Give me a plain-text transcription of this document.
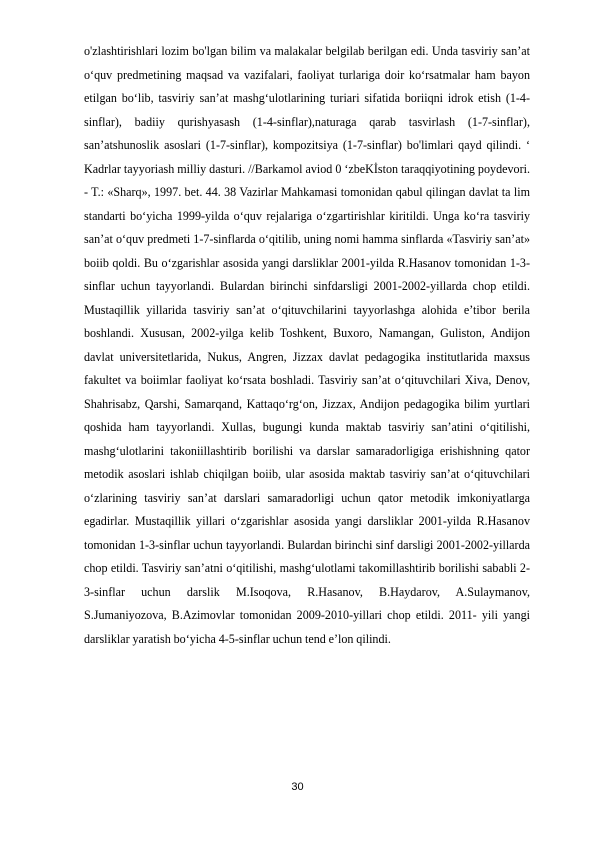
o'zlashtirishlari lozim bo'lgan bilim va malakalar belgilab berilgan edi. Unda tasviriy san’at o‘quv predmetining maqsad va vazifalari, faoliyat turlariga doir ko‘rsatmalar ham bayon etilgan bo‘lib, tasviriy san’at mashg‘ulotlarining turiari sifatida boriiqni idrok etish (1-4-sinflar), badiiy qurishyasash (1-4-sinflar),naturaga qarab tasvirlash (1-7-sinflar), san’atshunoslik asoslari (1-7-sinflar), kompozitsiya (1-7-sinflar) bo'limlari qayd qilindi. ‘ Kadrlar tayyoriash milliy dasturi. //Barkamol aviod 0 ‘zbeKİston taraqqiyotining poydevori. - T.: «Sharq», 1997. bet. 44. 38 Vazirlar Mahkamasi tomonidan qabul qilingan davlat ta lim standarti bo‘yicha 1999-yilda o‘quv rejalariga o‘zgartirishlar kiritildi. Unga ko‘ra tasviriy san’at o‘quv predmeti 1-7-sinflarda o‘qitilib, uning nomi hamma sinflarda «Tasviriy san’at» boiib qoldi. Bu o‘zgarishlar asosida yangi darsliklar 2001-yilda R.Hasanov tomonidan 1-3-sinflar uchun tayyorlandi. Bulardan birinchi sinfdarsligi 2001-2002-yillarda chop etildi. Mustaqillik yillarida tasviriy san’at o‘qituvchilarini tayyorlashga alohida e’tibor berila boshlandi. Xususan, 2002-yilga kelib Toshkent, Buxoro, Namangan, Guliston, Andijon davlat universitetlarida, Nukus, Angren, Jizzax davlat pedagogika institutlarida maxsus fakultet va boiimlar faoliyat ko‘rsata boshladi. Tasviriy san’at o‘qituvchilari Xiva, Denov, Shahrisabz, Qarshi, Samarqand, Kattaqo‘rg‘on, Jizzax, Andijon pedagogika bilim yurtlari qoshida ham tayyorlandi. Xullas, bugungi kunda maktab tasviriy san’atini o‘qitilishi, mashg‘ulotlarini takoniillashtirib borilishi va darslar samaradorligiga erishishning qator metodik asoslari ishlab chiqilgan boiib, ular asosida maktab tasviriy san’at o‘qituvchilari o‘zlarining tasviriy san’at darslari samaradorligi uchun qator metodik imkoniyatlarga egadirlar. Mustaqillik yillari o‘zgarishlar asosida yangi darsliklar 2001-yilda R.Hasanov tomonidan 1-3-sinflar uchun tayyorlandi. Bulardan birinchi sinf darsligi 2001-2002-yillarda chop etildi. Tasviriy san’atni o‘qitilishi, mashg‘ulotlami takomillashtirib borilishi sababli 2-3-sinflar uchun darslik M.Isoqova, R.Hasanov, B.Haydarov, A.Sulaymanov, S.Jumaniyozova, B.Azimovlar tomonidan 2009-2010-yillari chop etildi. 2011- yili yangi darsliklar yaratish bo‘yicha 4-5-sinflar uchun tend e’lon qilindi.

30
